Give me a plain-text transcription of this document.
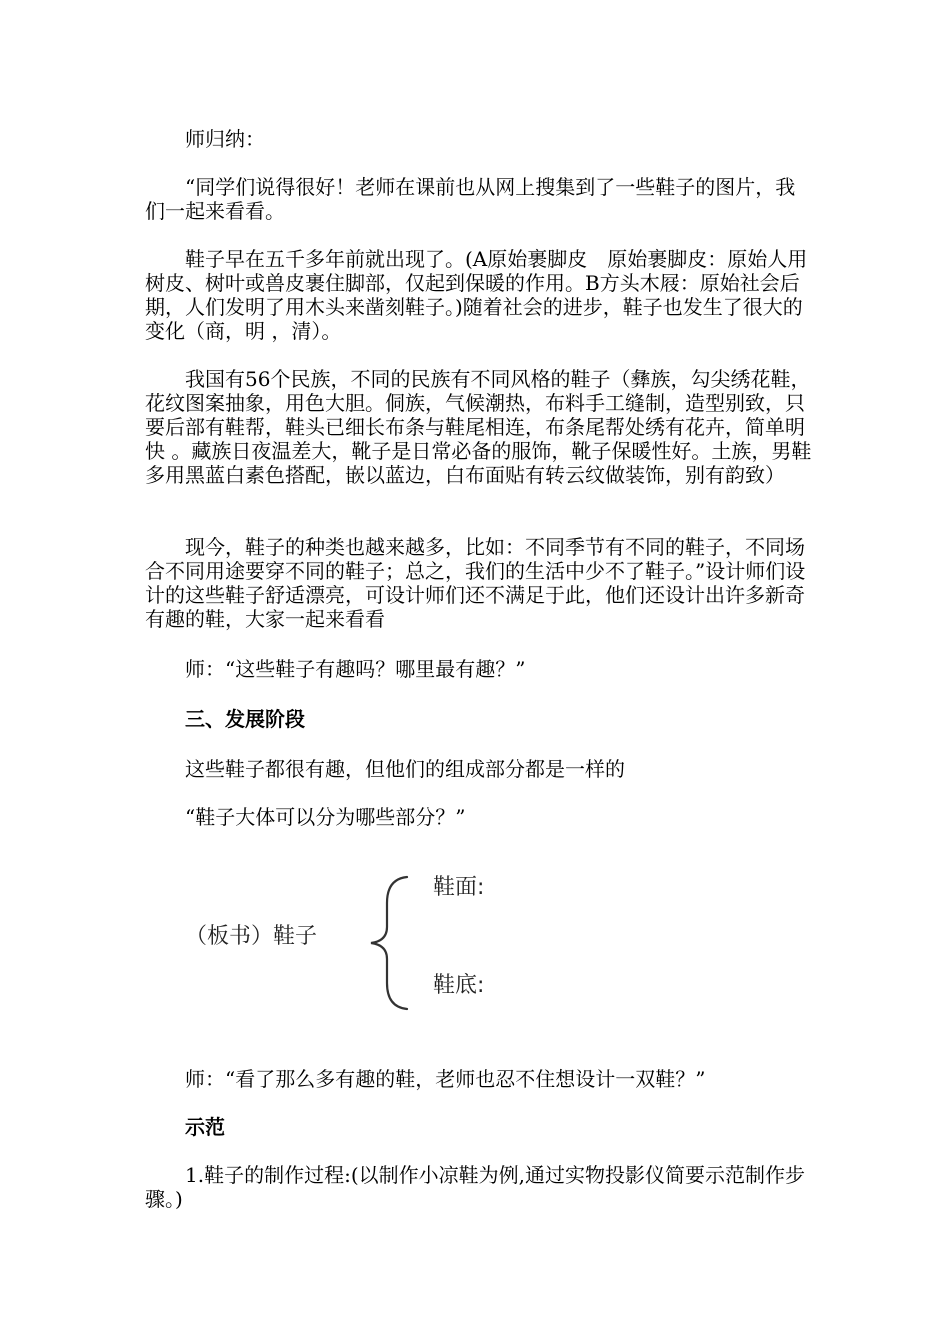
师归纳：

“同学们说得很好！老师在课前也从网上搜集到了一些鞋子的图片，我们一起来看看。

鞋子早在五千多年前就出现了。(A原始裹脚皮　原始裹脚皮：原始人用树皮、树叶或兽皮裹住脚部，仅起到保暖的作用。B方头木屐：原始社会后期，人们发明了用木头来凿刻鞋子。)随着社会的进步，鞋子也发生了很大的变化（商，明 ，清）。

我国有56个民族，不同的民族有不同风格的鞋子（彝族，勾尖绣花鞋，花纹图案抽象，用色大胆。侗族，气候潮热，布料手工缝制，造型别致，只要后部有鞋帮，鞋头已细长布条与鞋尾相连，布条尾帮处绣有花卉，简单明快 。藏族日夜温差大，靴子是日常必备的服饰，靴子保暖性好。土族，男鞋多用黑蓝白素色搭配，嵌以蓝边，白布面贴有转云纹做装饰，别有韵致）

现今，鞋子的种类也越来越多，比如：不同季节有不同的鞋子，不同场合不同用途要穿不同的鞋子；总之，我们的生活中少不了鞋子。”设计师们设计的这些鞋子舒适漂亮，可设计师们还不满足于此，他们还设计出许多新奇有趣的鞋，大家一起来看看

师：“这些鞋子有趣吗？哪里最有趣？”

三、发展阶段

这些鞋子都很有趣，但他们的组成部分都是一样的

“鞋子大体可以分为哪些部分？”

（板书）鞋子
鞋面:
鞋底:

师：“看了那么多有趣的鞋，老师也忍不住想设计一双鞋？”

示范

1.鞋子的制作过程:(以制作小凉鞋为例,通过实物投影仪简要示范制作步骤。)
